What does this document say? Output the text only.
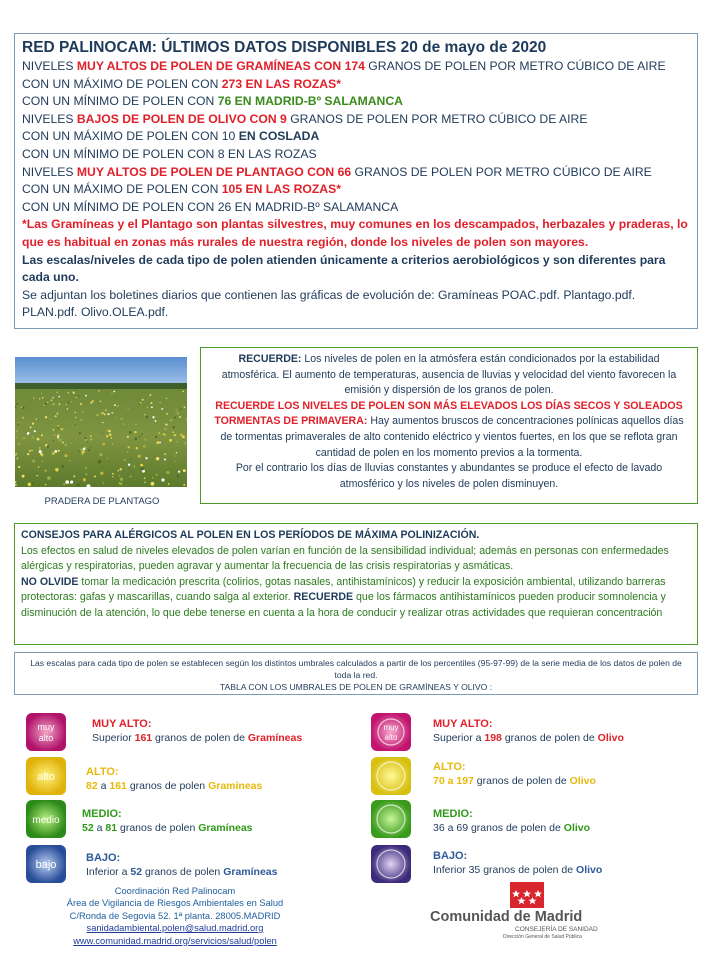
RED PALINOCAM: ÚLTIMOS DATOS DISPONIBLES 20 de mayo de 2020
NIVELES MUY ALTOS DE POLEN DE GRAMÍNEAS CON 174 GRANOS DE POLEN POR METRO CÚBICO DE AIRE
CON UN MÁXIMO DE POLEN CON 273 EN LAS ROZAS*
CON UN MÍNIMO DE POLEN CON 76 EN MADRID-Bº SALAMANCA
NIVELES BAJOS DE POLEN DE OLIVO CON 9 GRANOS DE POLEN POR METRO CÚBICO DE AIRE
CON UN MÁXIMO DE POLEN CON 10 EN COSLADA
CON UN MÍNIMO DE POLEN CON 8 EN LAS ROZAS
NIVELES MUY ALTOS DE POLEN DE PLANTAGO CON 66 GRANOS DE POLEN POR METRO CÚBICO DE AIRE
CON UN MÁXIMO DE POLEN CON 105 EN LAS ROZAS*
CON UN MÍNIMO DE POLEN CON 26 EN MADRID-Bº SALAMANCA
*Las Gramíneas y el Plantago son plantas silvestres, muy comunes en los descampados, herbazales y praderas, lo que es habitual en zonas más rurales de nuestra región, donde los niveles de polen son mayores.
Las escalas/niveles de cada tipo de polen atienden únicamente a criterios aerobiológicos y son diferentes para cada uno.
Se adjuntan los boletines diarios que contienen las gráficas de evolución de: Gramíneas POAC.pdf. Plantago.pdf. PLAN.pdf. Olivo.OLEA.pdf.
PRADERA DE PLANTAGO
RECUERDE: Los niveles de polen en la atmósfera están condicionados por la estabilidad atmosférica. El aumento de temperaturas, ausencia de lluvias y velocidad del viento favorecen la emisión y dispersión de los granos de polen.
RECUERDE LOS NIVELES DE POLEN SON MÁS ELEVADOS LOS DÍAS SECOS Y SOLEADOS
TORMENTAS DE PRIMAVERA: Hay aumentos bruscos de concentraciones polínicas aquellos días de tormentas primaverales de alto contenido eléctrico y vientos fuertes, en los que se reflota gran cantidad de polen en los momento previos a la tormenta.
Por el contrario los días de lluvias constantes y abundantes se produce el efecto de lavado atmosférico y los niveles de polen disminuyen.
CONSEJOS PARA ALÉRGICOS AL POLEN EN LOS PERÍODOS DE MÁXIMA POLINIZACIÓN.
Los efectos en salud de niveles elevados de polen varían en función de la sensibilidad individual; además en personas con enfermedades alérgicas y respiratorias, pueden agravar y aumentar la frecuencia de las crisis respiratorias y asmáticas.
NO OLVIDE tomar la medicación prescrita (colirios, gotas nasales, antihistamínicos) y reducir la exposición ambiental, utilizando barreras protectoras: gafas y mascarillas, cuando salga al exterior. RECUERDE que los fármacos antihistamínicos pueden producir somnolencia y disminución de la atención, lo que debe tenerse en cuenta a la hora de conducir y realizar otras actividades que requieran concentración
Las escalas para cada tipo de polen se establecen según los distintos umbrales calculados a partir de los percentiles (95-97-99) de la serie media de los datos de polen de toda la red.
TABLA CON LOS UMBRALES DE POLEN DE GRAMÍNEAS Y OLIVO :
muy
alto
alto
medio
bajo
MUY ALTO:
Superior 161 granos de polen de Gramíneas
ALTO:
82 a 161 granos de polen Gramíneas
MEDIO:
52 a 81 granos de polen Gramíneas
BAJO:
Inferior a 52 granos de polen Gramíneas
muy
alto
MUY ALTO:
Superior a 198 granos de polen de Olivo
ALTO:
70 a 197 granos de polen de Olivo
MEDIO:
36 a 69 granos de polen de Olivo
BAJO:
Inferior 35 granos de polen de Olivo
Coordinación Red Palinocam
Área de Vigilancia de Riesgos Ambientales en Salud
C/Ronda de Segovia 52. 1ª planta. 28005.MADRID
sanidadambiental.polen@salud.madrid.org
www.comunidad.madrid.org/servicios/salud/polen
Comunidad de Madrid
CONSEJERÍA DE SANIDAD
Dirección General de Salud Pública
